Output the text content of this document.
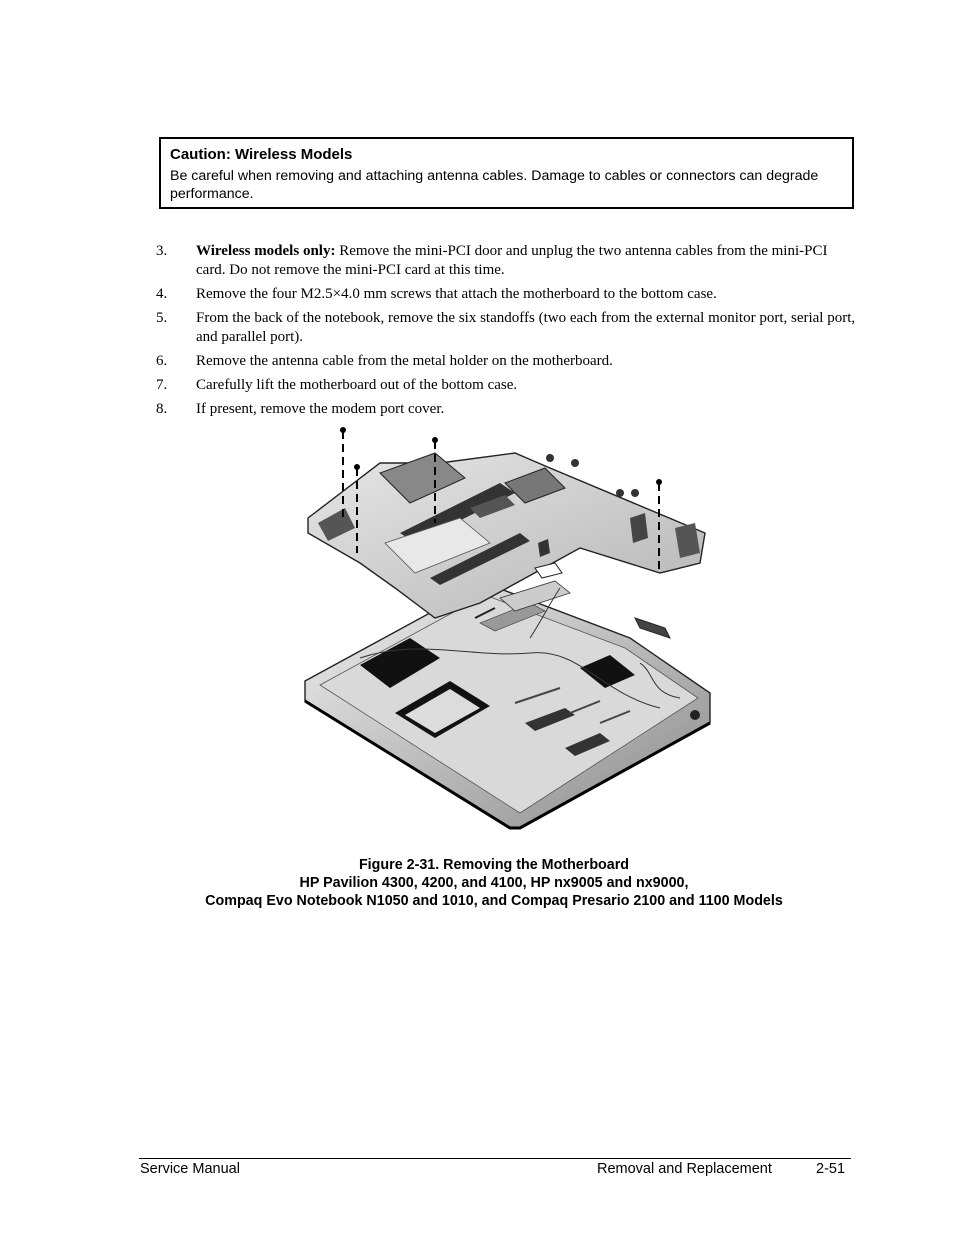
Caution: Wireless Models
Be careful when removing and attaching antenna cables. Damage to cables or connectors can degrade performance.
3. Wireless models only: Remove the mini-PCI door and unplug the two antenna cables from the mini-PCI card. Do not remove the mini-PCI card at this time.
4. Remove the four M2.5×4.0 mm screws that attach the motherboard to the bottom case.
5. From the back of the notebook, remove the six standoffs (two each from the external monitor port, serial port, and parallel port).
6. Remove the antenna cable from the metal holder on the motherboard.
7. Carefully lift the motherboard out of the bottom case.
8. If present, remove the modem port cover.
Figure 2-31. Removing the Motherboard
HP Pavilion 4300, 4200, and 4100, HP nx9005 and nx9000,
Compaq Evo Notebook N1050 and 1010, and Compaq Presario 2100 and 1100 Models
Service Manual	Removal and Replacement	2-51
